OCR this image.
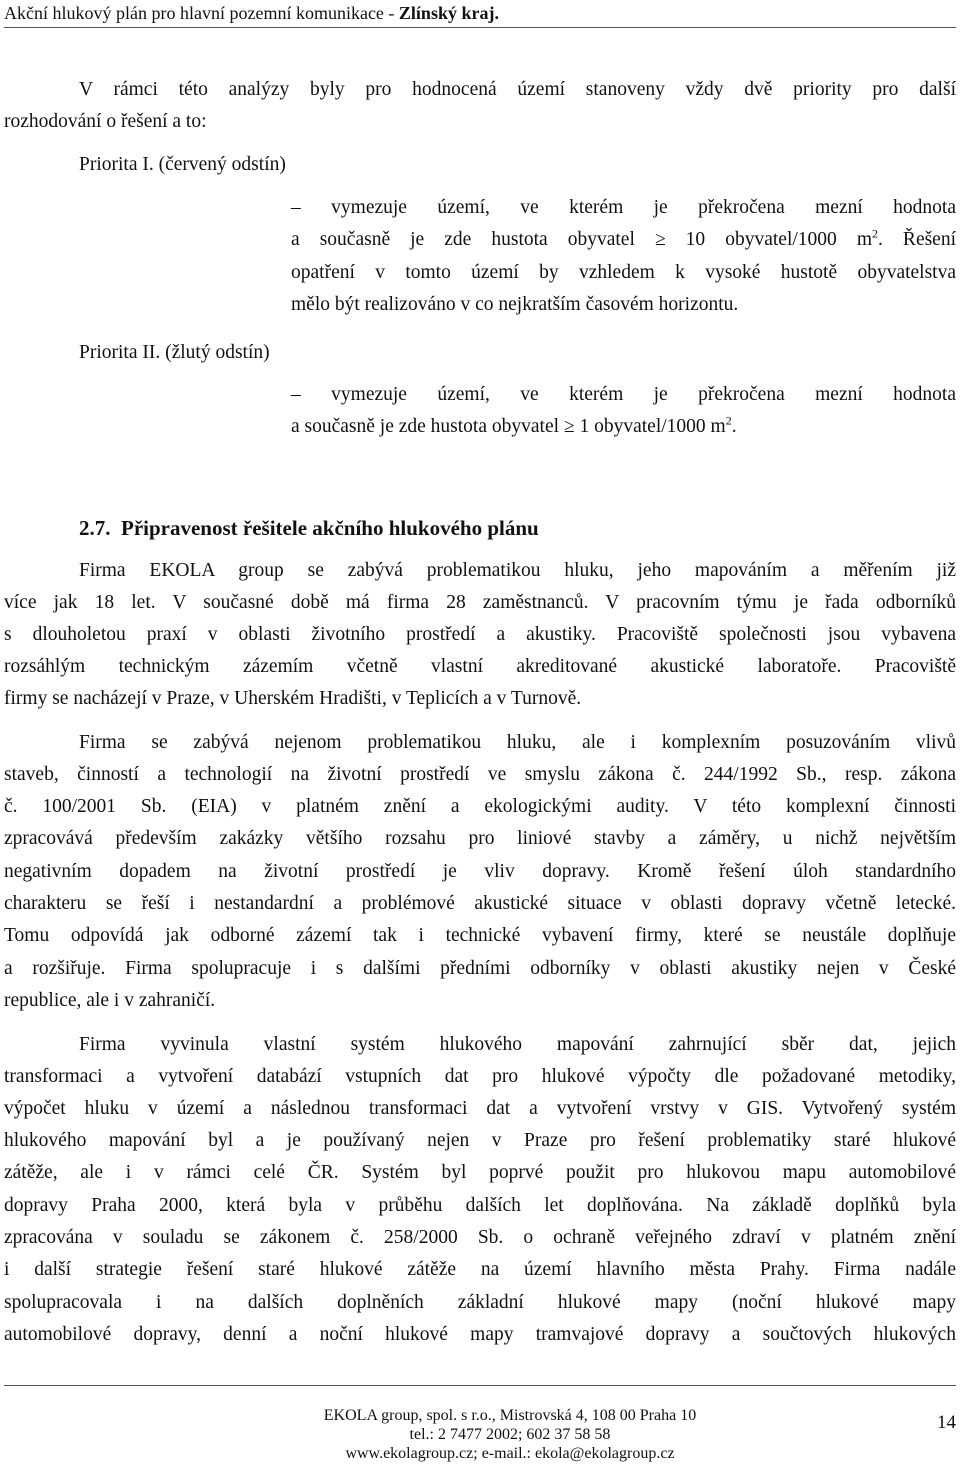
Akční hlukový plán pro hlavní pozemní komunikace - Zlínský kraj.
V rámci této analýzy byly pro hodnocená území stanoveny vždy dvě priority pro další
rozhodování o řešení a to:
Priorita I. (červený odstín)
– vymezuje území, ve kterém je překročena mezní hodnota
a současně je zde hustota obyvatel ≥ 10 obyvatel/1000 $m^2$. Řešení
opatření v tomto území by vzhledem k vysoké hustotě obyvatelstva
mělo být realizováno v co nejkratším časovém horizontu.
Priorita II. (žlutý odstín)
– vymezuje území, ve kterém je překročena mezní hodnota
a současně je zde hustota obyvatel ≥ 1 obyvatel/1000 $m^2$.
2.7. Připravenost řešitele akčního hlukového plánu
Firma EKOLA group se zabývá problematikou hluku, jeho mapováním a měřením již
více jak 18 let. V současné době má firma 28 zaměstnanců. V pracovním týmu je řada odborníků
s dlouholetou praxí v oblasti životního prostředí a akustiky. Pracoviště společnosti jsou vybavena
rozsáhlým technickým zázemím včetně vlastní akreditované akustické laboratoře. Pracoviště
firmy se nacházejí v Praze, v Uherském Hradišti, v Teplicích a v Turnově.
Firma se zabývá nejenom problematikou hluku, ale i komplexním posuzováním vlivů
staveb, činností a technologií na životní prostředí ve smyslu zákona č. 244/1992 Sb., resp. zákona
č. 100/2001 Sb. (EIA) v platném znění a ekologickými audity. V této komplexní činnosti
zpracovává především zakázky většího rozsahu pro liniové stavby a záměry, u nichž největším
negativním dopadem na životní prostředí je vliv dopravy. Kromě řešení úloh standardního
charakteru se řeší i nestandardní a problémové akustické situace v oblasti dopravy včetně letecké.
Tomu odpovídá jak odborné zázemí tak i technické vybavení firmy, které se neustále doplňuje
a rozšiřuje. Firma spolupracuje i s dalšími předními odborníky v oblasti akustiky nejen v České
republice, ale i v zahraničí.
Firma vyvinula vlastní systém hlukového mapování zahrnující sběr dat, jejich
transformaci a vytvoření databází vstupních dat pro hlukové výpočty dle požadované metodiky,
výpočet hluku v území a následnou transformaci dat a vytvoření vrstvy v GIS. Vytvořený systém
hlukového mapování byl a je používaný nejen v Praze pro řešení problematiky staré hlukové
zátěže, ale i v rámci celé ČR. Systém byl poprvé použit pro hlukovou mapu automobilové
dopravy Praha 2000, která byla v průběhu dalších let doplňována. Na základě doplňků byla
zpracována v souladu se zákonem č. 258/2000 Sb. o ochraně veřejného zdraví v platném znění
i další strategie řešení staré hlukové zátěže na území hlavního města Prahy. Firma nadále
spolupracovala i na dalších doplněních základní hlukové mapy (noční hlukové mapy
automobilové dopravy, denní a noční hlukové mapy tramvajové dopravy a součtových hlukových
EKOLA group, spol. s r.o., Mistrovská 4, 108 00 Praha 10
tel.: 2 7477 2002; 602 37 58 58
www.ekolagroup.cz; e-mail.: ekola@ekolagroup.cz
14
